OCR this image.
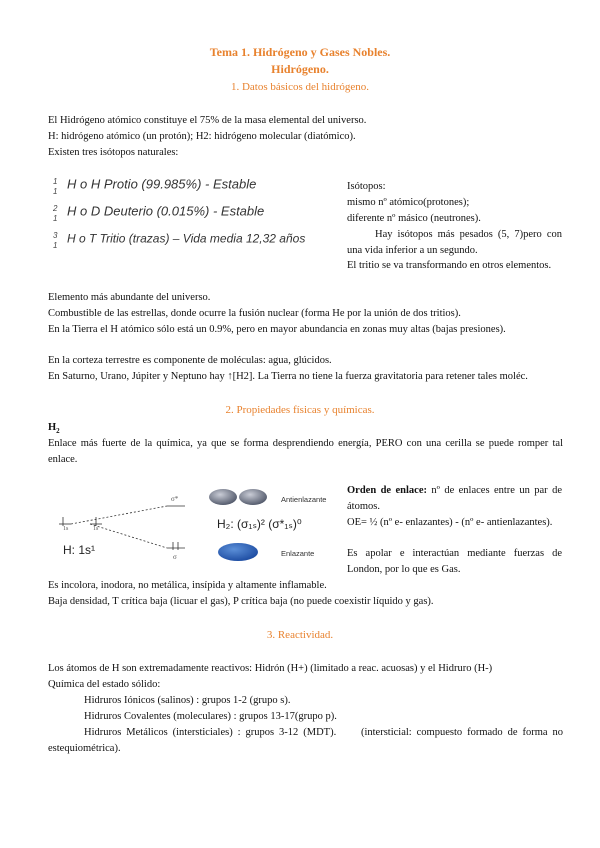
Tema 1. Hidrógeno y Gases Nobles.
Hidrógeno.
1. Datos básicos del hidrógeno.
El Hidrógeno atómico constituye el 75% de la masa elemental del universo.
H: hidrógeno atómico (un protón); H2: hidrógeno molecular (diatómico).
Existen tres isótopos naturales:
1
1
H o H Protio (99.985%) - Estable
2
1
H o D Deuterio (0.015%) - Estable
3
1
H o T Tritio (trazas) – Vida media 12,32 años
Isótopos:
mismo nº atómico(protones);
diferente nº másico (neutrones).
Hay isótopos más pesados (5, 7)pero con una vida inferior a un segundo.
El tritio se va transformando en otros elementos.
Elemento más abundante del universo.
Combustible de las estrellas, donde ocurre la fusión nuclear (forma He por la unión de dos tritios).
En la Tierra el H atómico sólo está un 0.9%, pero en mayor abundancia en zonas muy altas (bajas presiones).
En la corteza terrestre es componente de moléculas: agua, glúcidos.
En Saturno, Urano, Júpiter y Neptuno hay ↑[H2]. La Tierra no tiene la fuerza gravitatoria para retener tales moléc.
2. Propiedades físicas y químicas.
$H_2$
Enlace más fuerte de la química, ya que se forma desprendiendo energía, PERO con una cerilla se puede romper tal enlace.
1s	1s
σ*
σ
Antienlazante
Enlazante
H₂: (σ₁ₛ)² (σ*₁ₛ)⁰
H: 1s¹
Orden de enlace: nº de enlaces entre un par de átomos.
OE= ½ (nº e- enlazantes) - (nº e- antienlazantes).
Es apolar e interactúan mediante fuerzas de London, por lo que es Gas.
Es incolora, inodora, no metálica, insípida y altamente inflamable.
Baja densidad, T crítica baja (licuar el gas), P crítica baja (no puede coexistir líquido y gas).
3. Reactividad.
Los átomos de H son extremadamente reactivos: Hidrón (H+) (limitado a reac. acuosas) y el Hidruro (H-)
Química del estado sólido:
Hidruros Iónicos (salinos) : grupos 1-2 (grupo s).
Hidruros Covalentes (moleculares) : grupos 13-17(grupo p).
Hidruros Metálicos (intersticiales) : grupos 3-12 (MDT). (intersticial: compuesto formado de forma no estequiométrica).
